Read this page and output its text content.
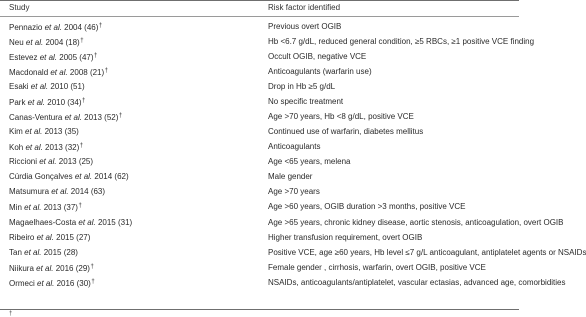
Study	Risk factor identified
Pennazio et al. 2004 (46)†	Previous overt OGIB
Neu et al. 2004 (18)†	Hb <6.7 g/dL, reduced general condition, ≥5 RBCs, ≥1 positive VCE finding
Estevez et al. 2005 (47)†	Occult OGIB, negative VCE
Macdonald et al. 2008 (21)†	Anticoagulants (warfarin use)
Esaki et al. 2010 (51)	Drop in Hb ≥5 g/dL
Park et al. 2010 (34)†	No specific treatment
Canas-Ventura et al. 2013 (52)†	Age >70 years, Hb <8 g/dL, positive VCE
Kim et al. 2013 (35)	Continued use of warfarin, diabetes mellitus
Koh et al. 2013 (32)†	Anticoagulants
Riccioni et al. 2013 (25)	Age <65 years, melena
Cúrdia Gonçalves et al. 2014 (62)	Male gender
Matsumura et al. 2014 (63)	Age >70 years
Min et al. 2013 (37)†	Age >60 years, OGIB duration >3 months, positive VCE
Magaelhaes-Costa et al. 2015 (31)	Age >65 years, chronic kidney disease, aortic stenosis, anticoagulation, overt OGIB
Ribeiro et al. 2015 (27)	Higher transfusion requirement, overt OGIB
Tan et al. 2015 (28)	Positive VCE, age ≥60 years, Hb level ≤7 g/L anticoagulant, antiplatelet agents or NSAIDs
Niikura et al. 2016 (29)†	Female gender , cirrhosis, warfarin, overt OGIB, positive VCE
Ormeci et al. 2016 (30)†	NSAIDs, anticoagulants/antiplatelet, vascular ectasias, advanced age, comorbidities
†
